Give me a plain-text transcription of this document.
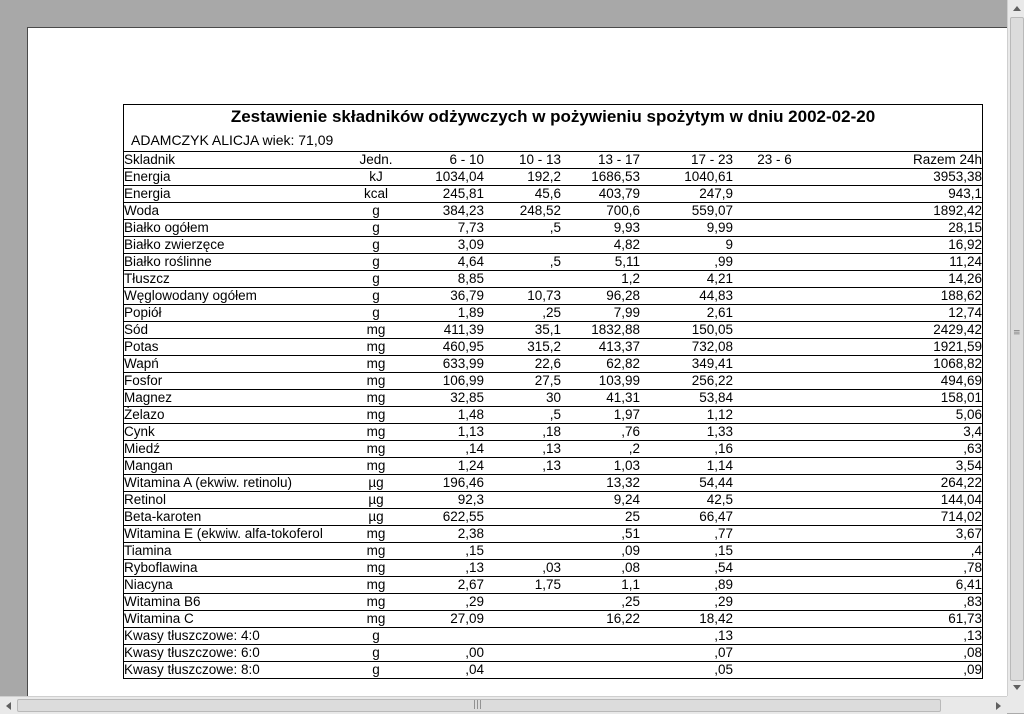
Zestawienie składników odżywczych w pożywieniu spożytym w dniu 2002-02-20
ADAMCZYK ALICJA wiek: 71,09
Skladnik	Jedn.	6 - 10	10 - 13	13 - 17	17 - 23	23 - 6	Razem 24h
Energia	kJ	1034,04	192,2	1686,53	1040,61		3953,38
Energia	kcal	245,81	45,6	403,79	247,9		943,1
Woda	g	384,23	248,52	700,6	559,07		1892,42
Białko ogółem	g	7,73	,5	9,93	9,99		28,15
Białko zwierzęce	g	3,09		4,82	9		16,92
Białko roślinne	g	4,64	,5	5,11	,99		11,24
Tłuszcz	g	8,85		1,2	4,21		14,26
Węglowodany ogółem	g	36,79	10,73	96,28	44,83		188,62
Popiół	g	1,89	,25	7,99	2,61		12,74
Sód	mg	411,39	35,1	1832,88	150,05		2429,42
Potas	mg	460,95	315,2	413,37	732,08		1921,59
Wapń	mg	633,99	22,6	62,82	349,41		1068,82
Fosfor	mg	106,99	27,5	103,99	256,22		494,69
Magnez	mg	32,85	30	41,31	53,84		158,01
Żelazo	mg	1,48	,5	1,97	1,12		5,06
Cynk	mg	1,13	,18	,76	1,33		3,4
Miedź	mg	,14	,13	,2	,16		,63
Mangan	mg	1,24	,13	1,03	1,14		3,54
Witamina A (ekwiw. retinolu)	µg	196,46		13,32	54,44		264,22
Retinol	µg	92,3		9,24	42,5		144,04
Beta-karoten	µg	622,55		25	66,47		714,02
Witamina E (ekwiw. alfa-tokoferol	mg	2,38		,51	,77		3,67
Tiamina	mg	,15		,09	,15		,4
Ryboflawina	mg	,13	,03	,08	,54		,78
Niacyna	mg	2,67	1,75	1,1	,89		6,41
Witamina B6	mg	,29		,25	,29		,83
Witamina C	mg	27,09		16,22	18,42		61,73
Kwasy tłuszczowe: 4:0	g				,13		,13
Kwasy tłuszczowe: 6:0	g	,00			,07		,08
Kwasy tłuszczowe: 8:0	g	,04			,05		,09
≡
|||
